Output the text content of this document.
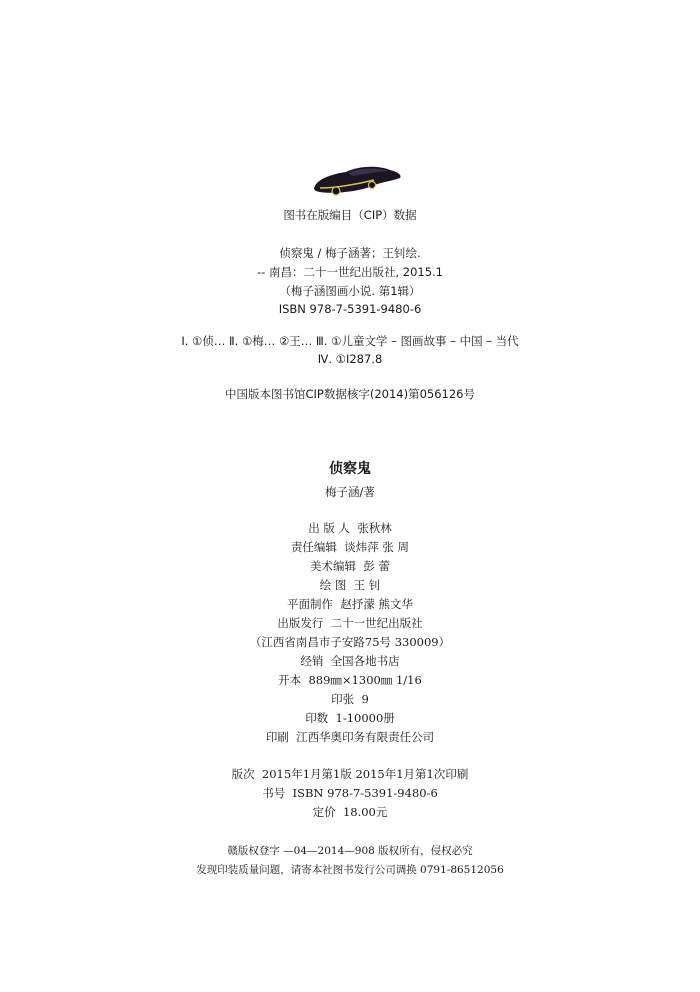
图书在版编目（CIP）数据
侦察鬼 / 梅子涵著；王钊绘.
-- 南昌：二十一世纪出版社, 2015.1
（梅子涵图画小说. 第1辑）
ISBN 978-7-5391-9480-6
Ⅰ. ①侦… Ⅱ. ①梅… ②王… Ⅲ. ①儿童文学 – 图画故事 – 中国 – 当代
Ⅳ. ①I287.8
中国版本图书馆CIP数据核字(2014)第056126号
侦察鬼
梅子涵/著
出 版 人 张秋林
责任编辑 谈炜萍 张 周
美术编辑 彭 蕾
绘 图 王 钊
平面制作 赵抒濛 熊文华
出版发行 二十一世纪出版社
（江西省南昌市子安路75号 330009）
经销 全国各地书店
开本 889㎜×1300㎜ 1/16
印张 9
印数 1-10000册
印刷 江西华奥印务有限责任公司
版次 2015年1月第1版 2015年1月第1次印刷
书号 ISBN 978-7-5391-9480-6
定价 18.00元
赣版权登字 —04—2014—908 版权所有，侵权必究
发现印装质量问题，请寄本社图书发行公司调换 0791-86512056
